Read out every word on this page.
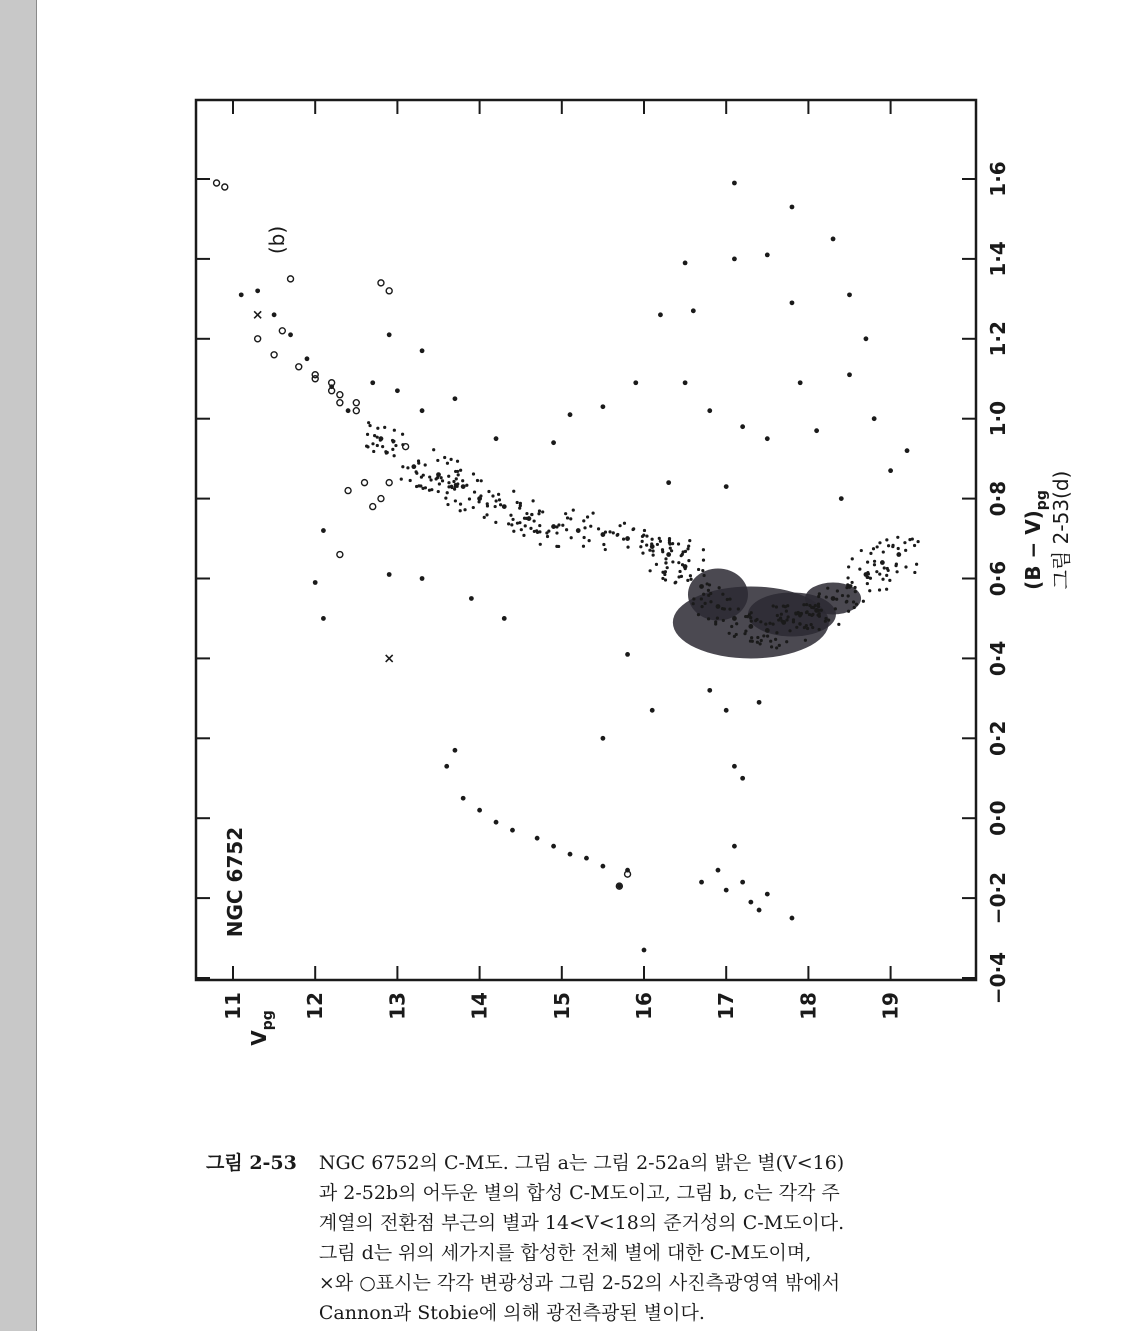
11	12	13	14	15	16	17	18	19
−0·4
−0·2
0·0
0·2
0·4
0·6
0·8
1·0
1·2
1·4
1·6
$V_{pg}$
$(B - V)_{pg}$ 그림 2-53(d)
NGC 6752
(b)
그림 2-53 NGC 6752의 C-M도. 그림 a는 그림 2-52a의 밝은 별(V<16)
과 2-52b의 어두운 별의 합성 C-M도이고, 그림 b, c는 각각 주
계열의 전환점 부근의 별과 14<V<18의 준거성의 C-M도이다.
그림 d는 위의 세가지를 합성한 전체 별에 대한 C-M도이며,
×와 ○표시는 각각 변광성과 그림 2-52의 사진측광영역 밖에서
Cannon과 Stobie에 의해 광전측광된 별이다.
